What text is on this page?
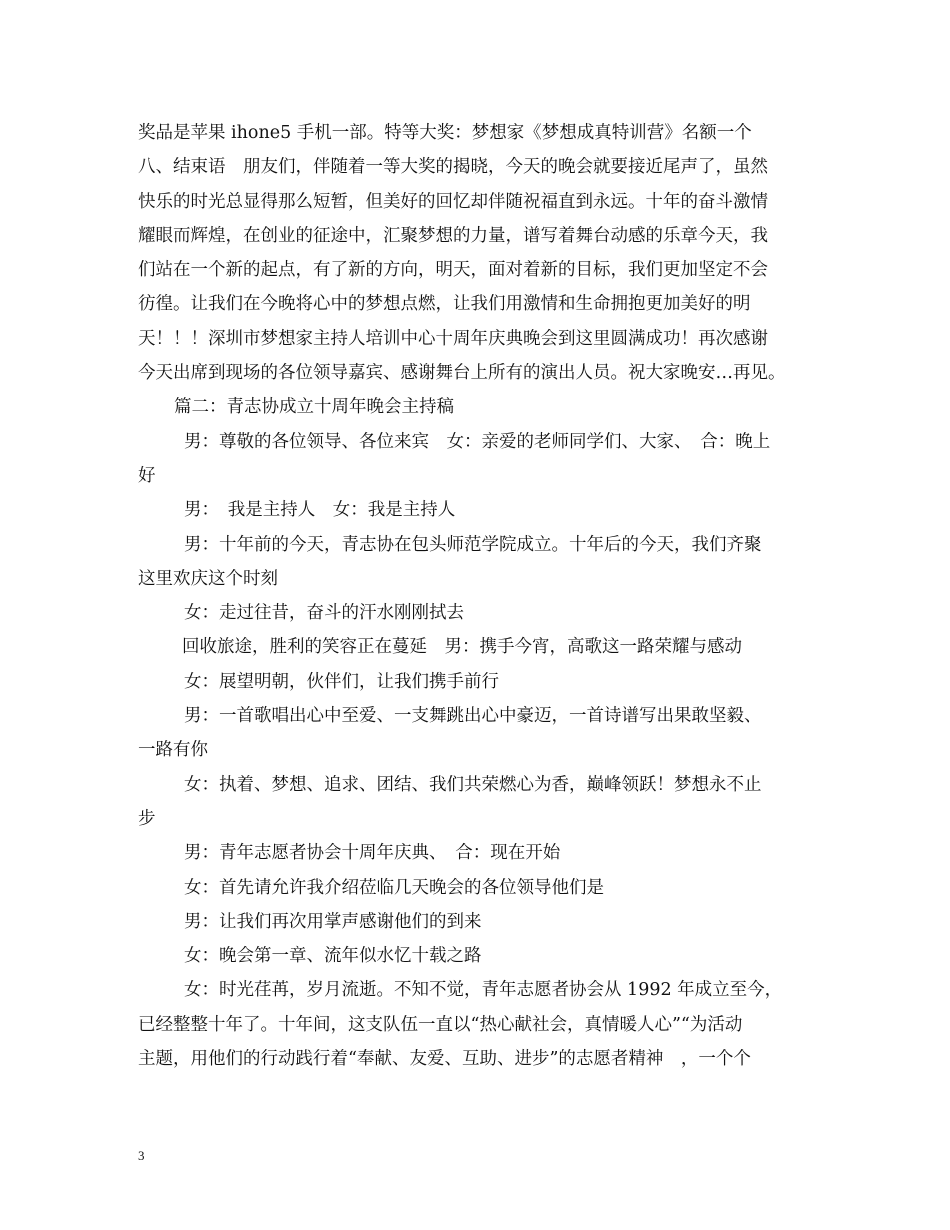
奖品是苹果 ihone5 手机一部。特等大奖：梦想家《梦想成真特训营》名额一个

八、结束语　朋友们，伴随着一等大奖的揭晓，今天的晚会就要接近尾声了，虽然

快乐的时光总显得那么短暂，但美好的回忆却伴随祝福直到永远。十年的奋斗激情

耀眼而辉煌，在创业的征途中，汇聚梦想的力量，谱写着舞台动感的乐章今天，我

们站在一个新的起点，有了新的方向，明天，面对着新的目标，我们更加坚定不会

彷徨。让我们在今晚将心中的梦想点燃，让我们用激情和生命拥抱更加美好的明

天！！！深圳市梦想家主持人培训中心十周年庆典晚会到这里圆满成功！再次感谢

今天出席到现场的各位领导嘉宾、感谢舞台上所有的演出人员。祝大家晚安…再见。

篇二：青志协成立十周年晚会主持稿

男：尊敬的各位领导、各位来宾　女：亲爱的老师同学们、大家、　合：晚上

好

男：　我是主持人　女：我是主持人

男：十年前的今天，青志协在包头师范学院成立。十年后的今天，我们齐聚

这里欢庆这个时刻

女：走过往昔，奋斗的汗水刚刚拭去

回收旅途，胜利的笑容正在蔓延　男：携手今宵，高歌这一路荣耀与感动

女：展望明朝，伙伴们，让我们携手前行

男：一首歌唱出心中至爱、一支舞跳出心中豪迈，一首诗谱写出果敢坚毅、

一路有你

女：执着、梦想、追求、团结、我们共荣燃心为香，巅峰领跃！梦想永不止

步

男：青年志愿者协会十周年庆典、　合：现在开始

女：首先请允许我介绍莅临几天晚会的各位领导他们是

男：让我们再次用掌声感谢他们的到来

女：晚会第一章、流年似水忆十载之路

女：时光荏苒，岁月流逝。不知不觉，青年志愿者协会从 1992 年成立至今，

已经整整十年了。十年间，这支队伍一直以“热心献社会，真情暖人心”“为活动

主题，用他们的行动践行着“奉献、友爱、互助、进步”的志愿者精神　，一个个

3
